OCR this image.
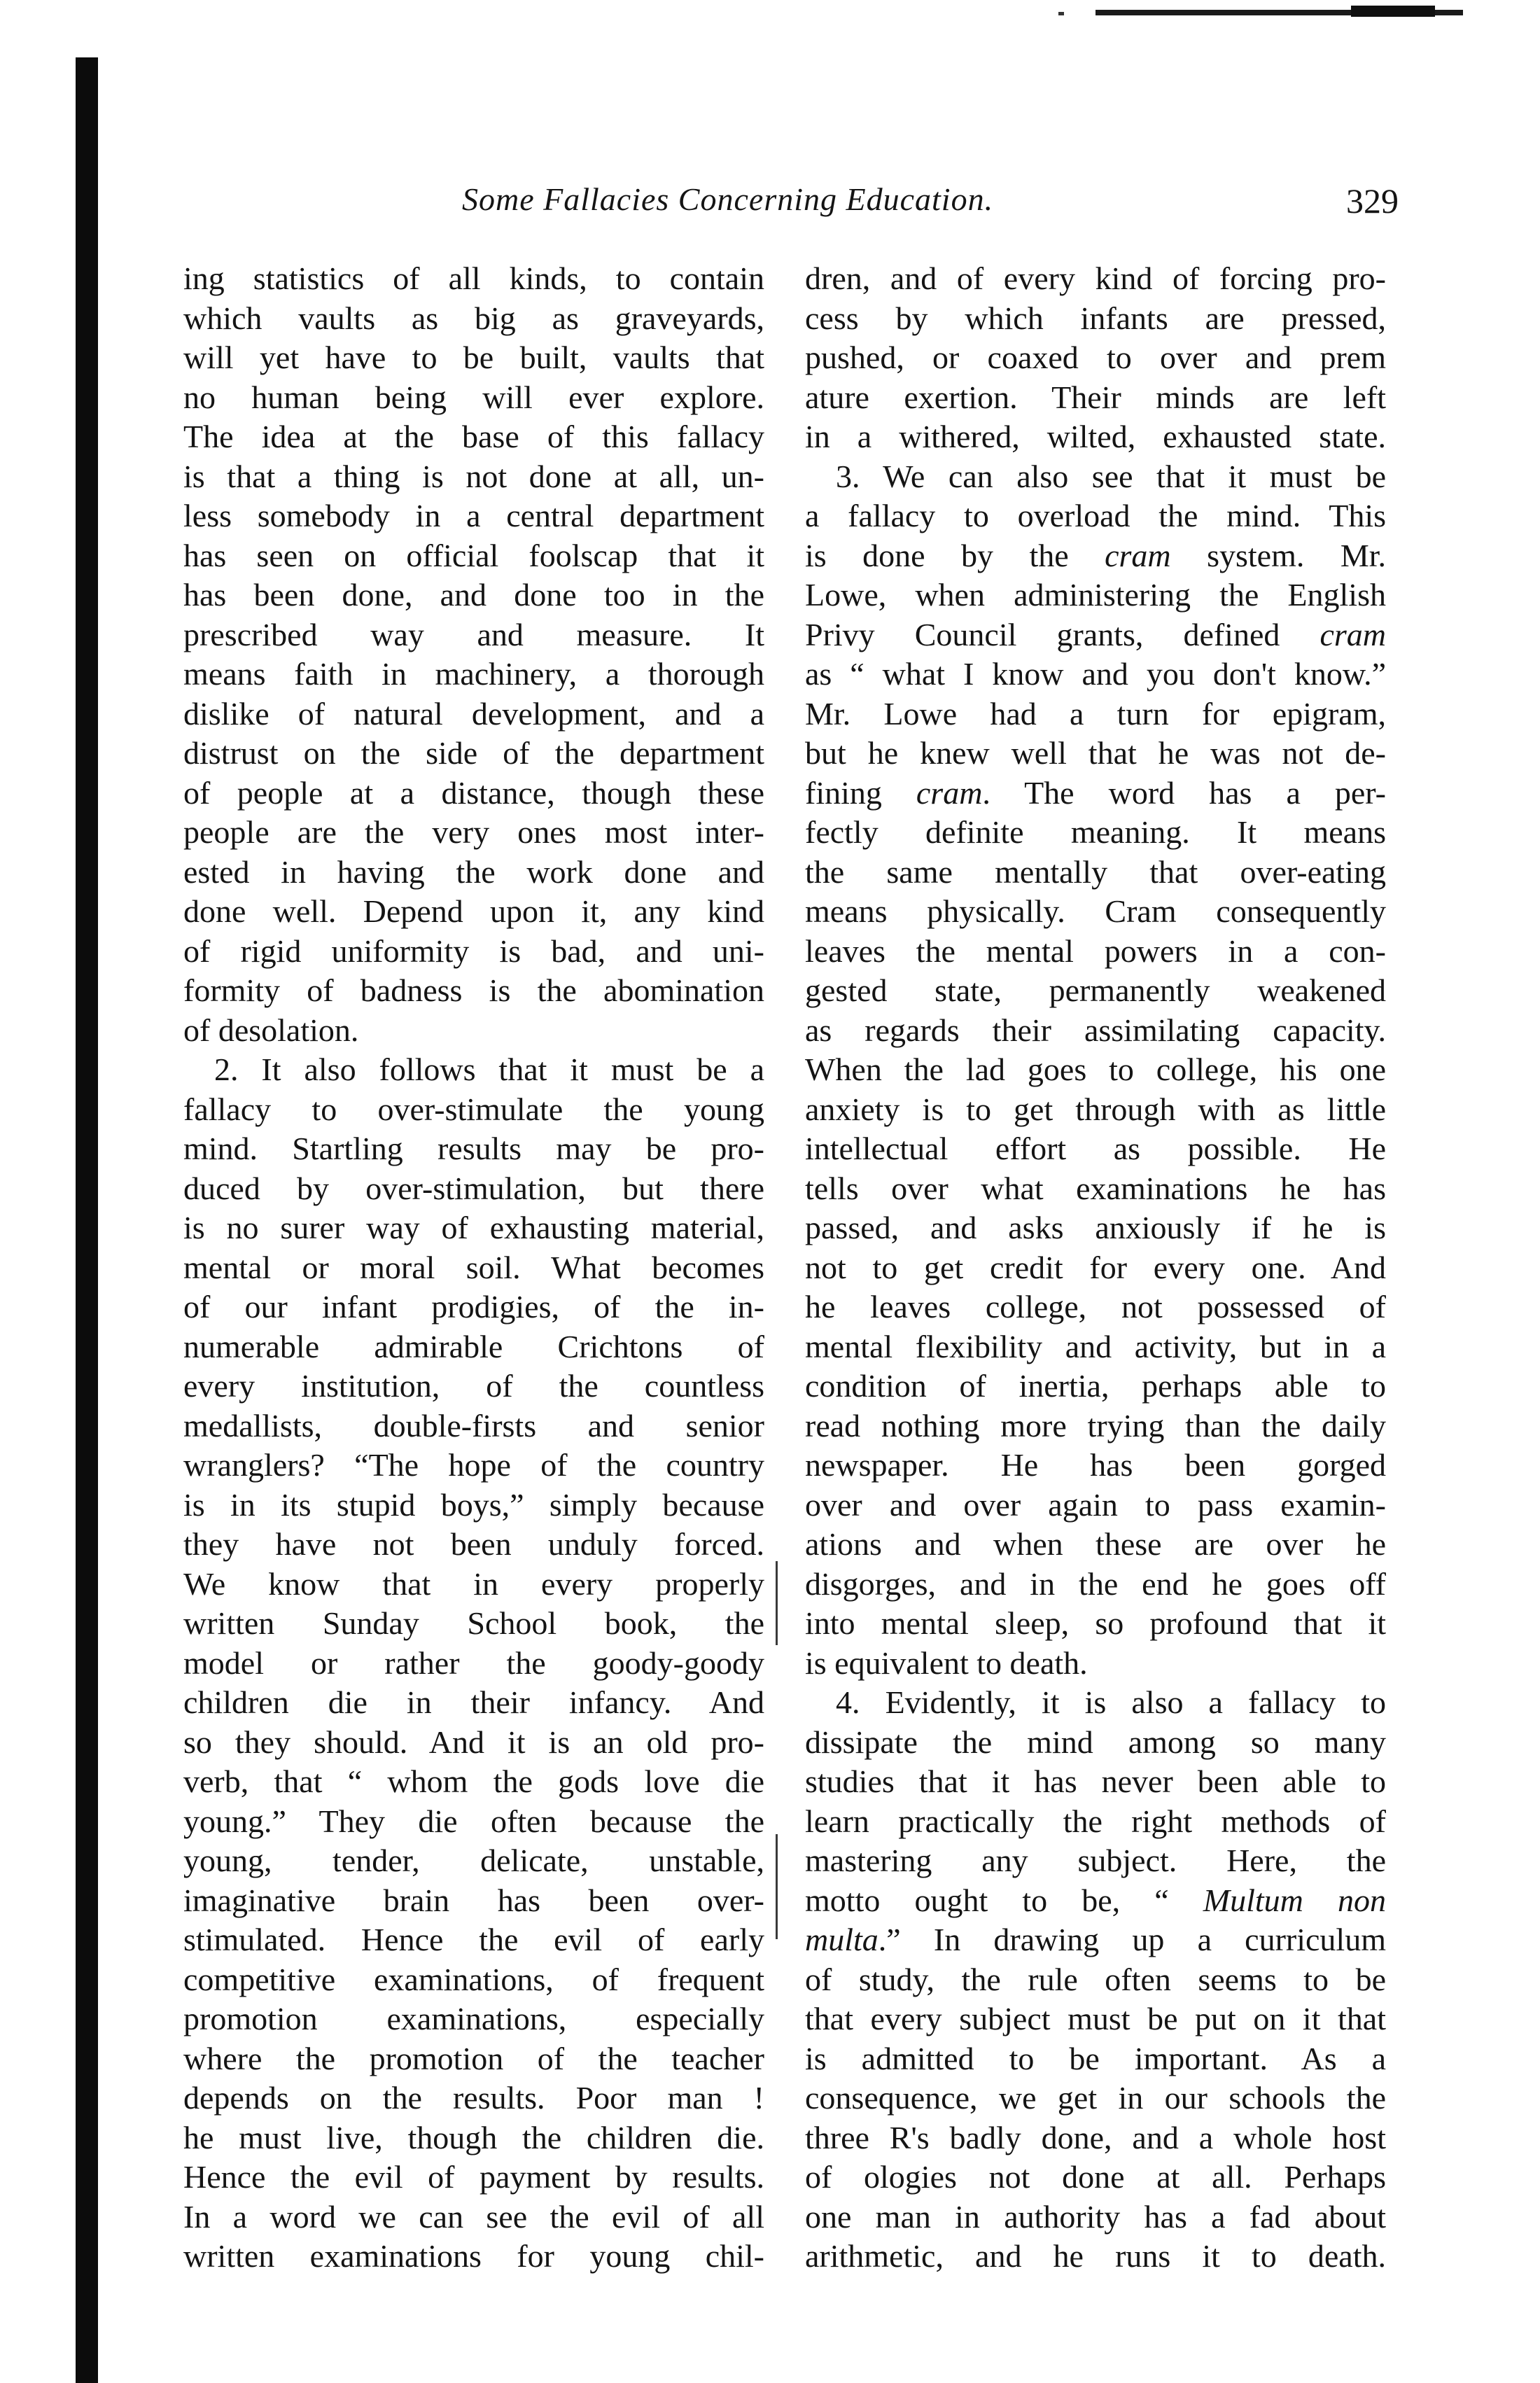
Some Fallacies Concerning Education.	329
ing statistics of all kinds, to contain
which vaults as big as graveyards,
will yet have to be built, vaults that
no human being will ever explore.
The idea at the base of this fallacy
is that a thing is not done at all, un-
less somebody in a central department
has seen on official foolscap that it
has been done, and done too in the
prescribed way and measure. It
means faith in machinery, a thorough
dislike of natural development, and a
distrust on the side of the department
of people at a distance, though these
people are the very ones most inter-
ested in having the work done and
done well. Depend upon it, any kind
of rigid uniformity is bad, and uni-
formity of badness is the abomination
of desolation.
2. It also follows that it must be a
fallacy to over-stimulate the young
mind. Startling results may be pro-
duced by over-stimulation, but there
is no surer way of exhausting material,
mental or moral soil. What becomes
of our infant prodigies, of the in-
numerable admirable Crichtons of
every institution, of the countless
medallists, double-firsts and senior
wranglers? “The hope of the country
is in its stupid boys,” simply because
they have not been unduly forced.
We know that in every properly
written Sunday School book, the
model or rather the goody-goody
children die in their infancy. And
so they should. And it is an old pro-
verb, that “ whom the gods love die
young.” They die often because the
young, tender, delicate, unstable,
imaginative brain has been over-
stimulated. Hence the evil of early
competitive examinations, of frequent
promotion examinations, especially
where the promotion of the teacher
depends on the results. Poor man !
he must live, though the children die.
Hence the evil of payment by results.
In a word we can see the evil of all
written examinations for young chil-
dren, and of every kind of forcing pro-
cess by which infants are pressed,
pushed, or coaxed to over and prem
ature exertion. Their minds are left
in a withered, wilted, exhausted state.
3. We can also see that it must be
a fallacy to overload the mind. This
is done by the cram system. Mr.
Lowe, when administering the English
Privy Council grants, defined cram
as “ what I know and you don't know.”
Mr. Lowe had a turn for epigram,
but he knew well that he was not de-
fining cram. The word has a per-
fectly definite meaning. It means
the same mentally that over-eating
means physically. Cram consequently
leaves the mental powers in a con-
gested state, permanently weakened
as regards their assimilating capacity.
When the lad goes to college, his one
anxiety is to get through with as little
intellectual effort as possible. He
tells over what examinations he has
passed, and asks anxiously if he is
not to get credit for every one. And
he leaves college, not possessed of
mental flexibility and activity, but in a
condition of inertia, perhaps able to
read nothing more trying than the daily
newspaper. He has been gorged
over and over again to pass examin-
ations and when these are over he
disgorges, and in the end he goes off
into mental sleep, so profound that it
is equivalent to death.
4. Evidently, it is also a fallacy to
dissipate the mind among so many
studies that it has never been able to
learn practically the right methods of
mastering any subject. Here, the
motto ought to be, “ Multum non
multa.” In drawing up a curriculum
of study, the rule often seems to be
that every subject must be put on it that
is admitted to be important. As a
consequence, we get in our schools the
three R's badly done, and a whole host
of ologies not done at all. Perhaps
one man in authority has a fad about
arithmetic, and he runs it to death.
